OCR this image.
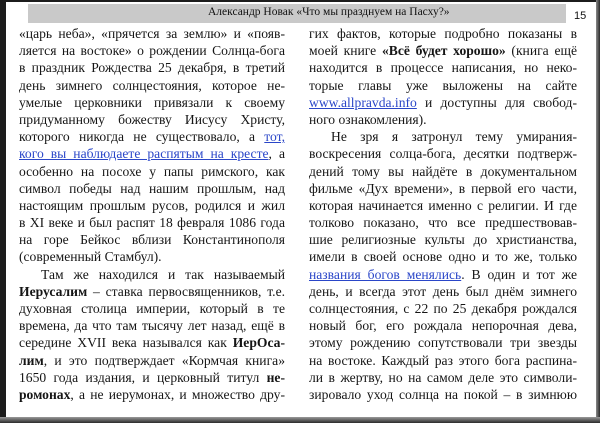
Александр Новак «Что мы празднуем на Пасху?»	15
«царь неба», «прячется за землю» и «появ-
ляется на востоке» о рождении Солнца-бога
в праздник Рождества 25 декабря, в третий
день зимнего солнцестояния, которое не-
умелые церковники привязали к своему
придуманному божеству Иисусу Христу,
которого никогда не существовало, а тот,
кого вы наблюдаете распятым на кресте, а
особенно на посохе у папы римского, как
символ победы над нашим прошлым, над
настоящим прошлым русов, родился и жил
в XI веке и был распят 18 февраля 1086 года
на горе Бейкос вблизи Константинополя
(современный Стамбул).
Там же находился и так называемый
Иерусалим – ставка первосвященников, т.е.
духовная столица империи, который в те
времена, да что там тысячу лет назад, ещё в
середине XVII века назывался как ИерОса-
лим, и это подтверждает «Кормчая книга»
1650 года издания, и церковный титул не-
ромонах, а не иерумонах, и множество дру-
гих фактов, которые подробно показаны в
моей книге «Всё будет хорошо» (книга ещё
находится в процессе написания, но неко-
торые главы уже выложены на сайте
www.allpravda.info и доступны для свобод-
ного ознакомления).
Не зря я затронул тему умирания-
воскресения солца-бога, десятки подтверж-
дений тому вы найдёте в документальном
фильме «Дух времени», в первой его части,
которая начинается именно с религии. И где
толково показано, что все предшествовав-
шие религиозные культы до христианства,
имели в своей основе одно и то же, только
названия богов менялись. В один и тот же
день, и всегда этот день был днём зимнего
солнцестояния, с 22 по 25 декабря рождался
новый бог, его рождала непорочная дева,
этому рождению сопутствовали три звезды
на востоке. Каждый раз этого бога распина-
ли в жертву, но на самом деле это символи-
зировало уход солнца на покой – в зимнюю
